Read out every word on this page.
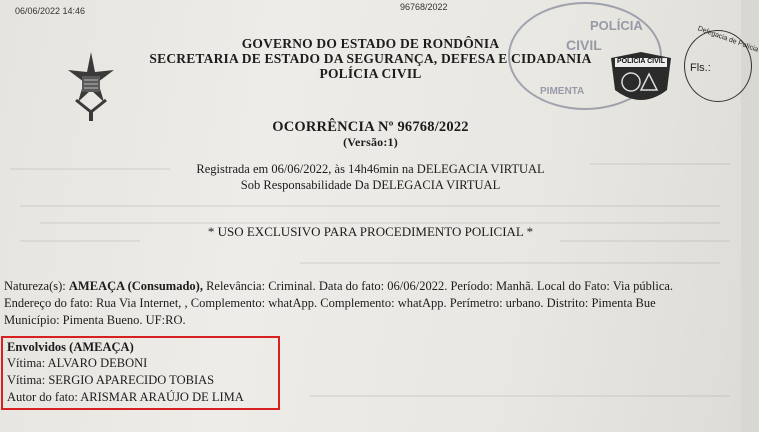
06/06/2022 14:46	96768/2022
GOVERNO DO ESTADO DE RONDÔNIA
SECRETARIA DE ESTADO DA SEGURANÇA, DEFESA E CIDADANIA
POLÍCIA CIVIL
POLÍCIA
CIVIL
PIMENTA
POLÍCIA CIVIL
Delegacia de Polícia
Fls.:
OCORRÊNCIA Nº 96768/2022
(Versão:1)
Registrada em 06/06/2022, às 14h46min na DELEGACIA VIRTUAL
Sob Responsabilidade Da DELEGACIA VIRTUAL
* USO EXCLUSIVO PARA PROCEDIMENTO POLICIAL *
Natureza(s): AMEAÇA (Consumado), Relevância: Criminal. Data do fato: 06/06/2022. Período: Manhã. Local do Fato: Via pública.
Endereço do fato: Rua Via Internet, , Complemento: whatApp. Complemento: whatApp. Perímetro: urbano. Distrito: Pimenta Bue
Município: Pimenta Bueno. UF:RO.
Envolvidos (AMEAÇA)
Vítima: ALVARO DEBONI
Vítima: SERGIO APARECIDO TOBIAS
Autor do fato: ARISMAR ARAÚJO DE LIMA
